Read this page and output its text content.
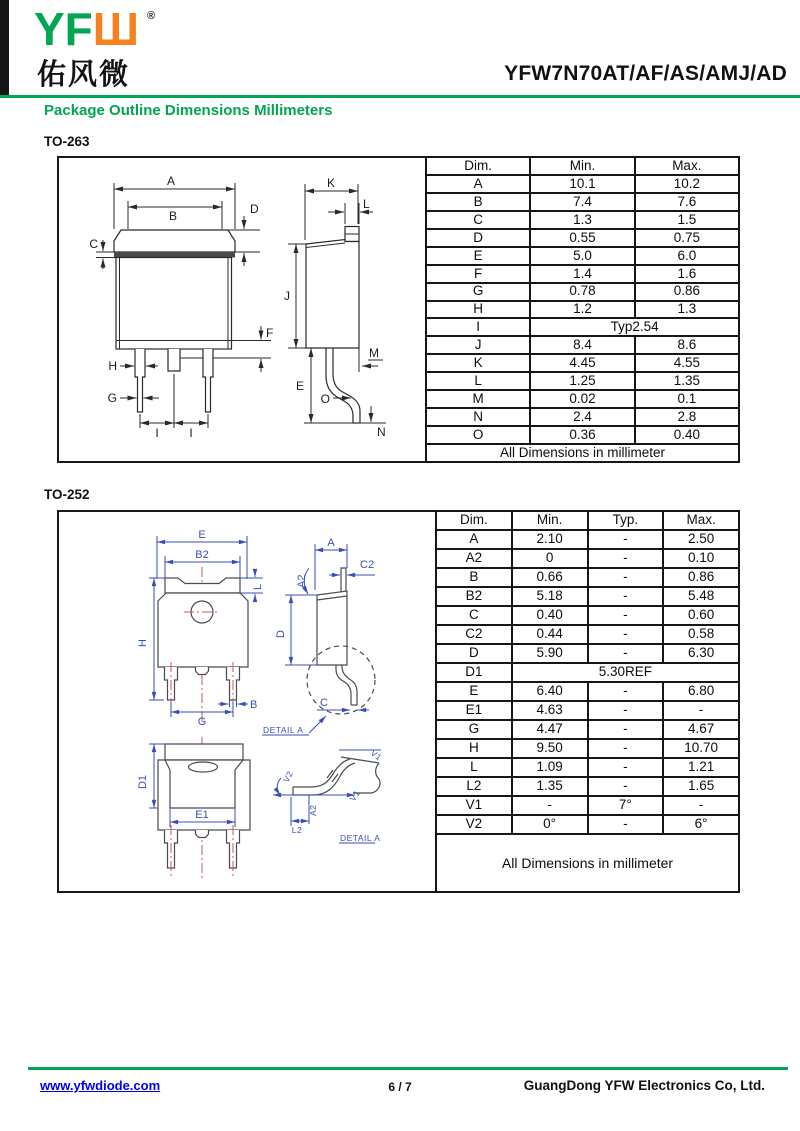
YFШ ®
佑风微	YFW7N70AT/AF/AS/AMJ/AD
Package Outline Dimensions Millimeters
TO-263
A
B	D
C
F
H
G
I	I
K
L
J
E
M
O
N
Dim.	Min.	Max.
A	10.1	10.2
B	7.4	7.6
C	1.3	1.5
D	0.55	0.75
E	5.0	6.0
F	1.4	1.6
G	0.78	0.86
H	1.2	1.3
I	Typ2.54	
J	8.4	8.6
K	4.45	4.55
L	1.25	1.35
M	0.02	0.1
N	2.4	2.8
O	0.36	0.40
All Dimensions in millimeter		
TO-252
E
B2
L
H
B
G
D1
E1
A
C2
A2
D
C
DETAIL A
V1
V2
A2
L2
V1
DETAIL A
Dim.	Min.	Typ.	Max.
A	2.10	-	2.50
A2	0	-	0.10
B	0.66	-	0.86
B2	5.18	-	5.48
C	0.40	-	0.60
C2	0.44	-	0.58
D	5.90	-	6.30
D1	5.30REF		
E	6.40	-	6.80
E1	4.63	-	-
G	4.47	-	4.67
H	9.50	-	10.70
L	1.09	-	1.21
L2	1.35	-	1.65
V1	-	7°	-
V2	0°	-	6°
All Dimensions in millimeter			
www.yfwdiode.com	6 / 7	GuangDong YFW Electronics Co, Ltd.
